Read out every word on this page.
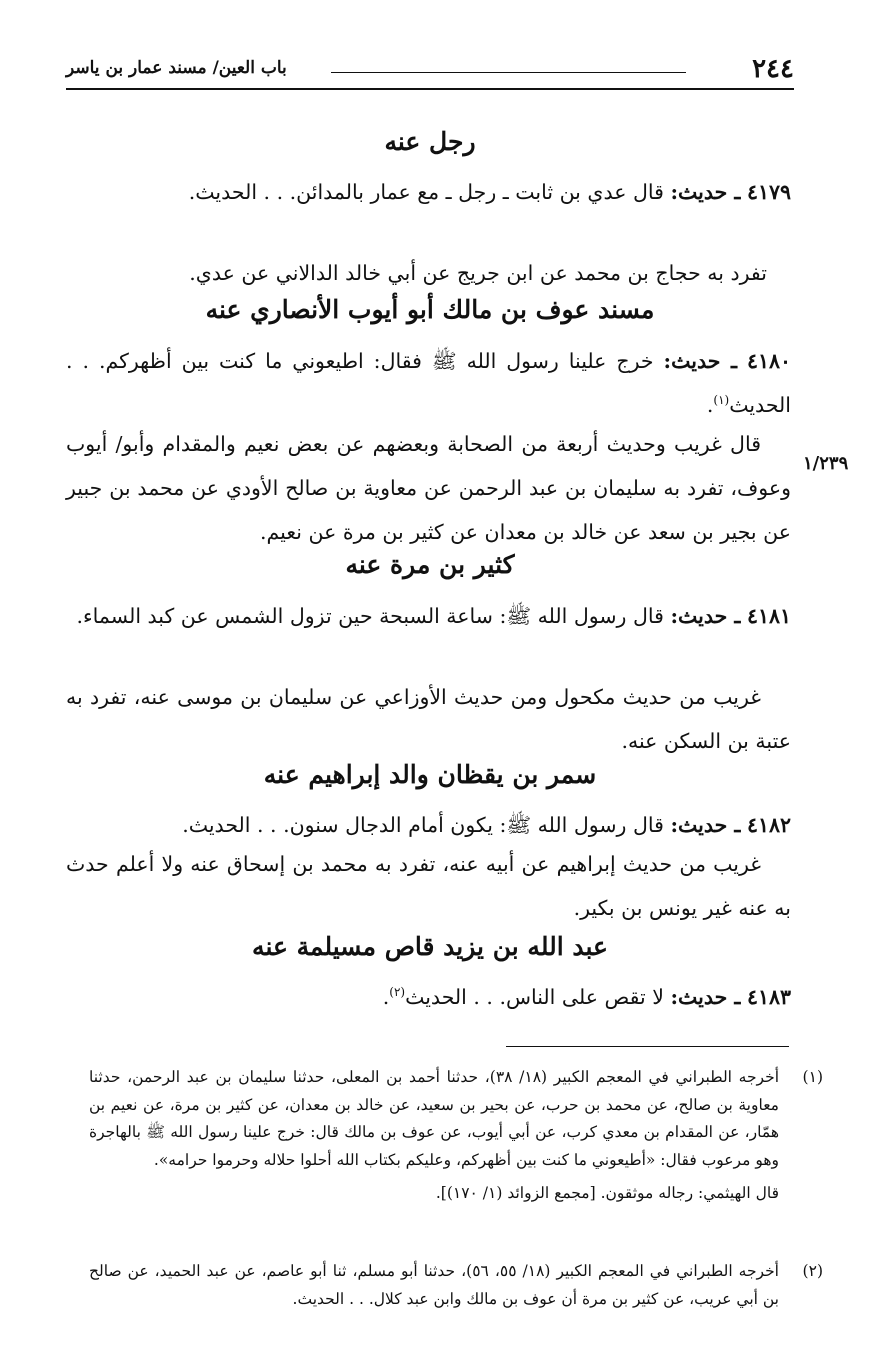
٢٤٤
باب العين/ مسند عمار بن ياسر
رجل عنه
٤١٧٩ ـ حديث: قال عدي بن ثابت ـ رجل ـ مع عمار بالمدائن. . . الحديث.
تفرد به حجاج بن محمد عن ابن جريج عن أبي خالد الدالاني عن عدي.
مسند عوف بن مالك أبو أيوب الأنصاري عنه
٤١٨٠ ـ حديث: خرج علينا رسول الله ﷺ فقال: اطيعوني ما كنت بين أظهركم. . . الحديث$^{(١)}$.
١/٢٣٩
قال غريب وحديث أربعة من الصحابة وبعضهم عن بعض نعيم والمقدام وأبو/ أيوب وعوف، تفرد به سليمان بن عبد الرحمن عن معاوية بن صالح الأودي عن محمد بن جبير عن بجير بن سعد عن خالد بن معدان عن كثير بن مرة عن نعيم.
كثير بن مرة عنه
٤١٨١ ـ حديث: قال رسول الله ﷺ: ساعة السبحة حين تزول الشمس عن كبد السماء.
غريب من حديث مكحول ومن حديث الأوزاعي عن سليمان بن موسى عنه، تفرد به عتبة بن السكن عنه.
سمر بن يقظان والد إبراهيم عنه
٤١٨٢ ـ حديث: قال رسول الله ﷺ: يكون أمام الدجال سنون. . . الحديث.
غريب من حديث إبراهيم عن أبيه عنه، تفرد به محمد بن إسحاق عنه ولا أعلم حدث به عنه غير يونس بن بكير.
عبد الله بن يزيد قاص مسيلمة عنه
٤١٨٣ ـ حديث: لا تقص على الناس. . . الحديث$^{(٢)}$.
(١)
أخرجه الطبراني في المعجم الكبير (١٨/ ٣٨)، حدثنا أحمد بن المعلى، حدثنا سليمان بن عبد الرحمن، حدثنا معاوية بن صالح، عن محمد بن حرب، عن بحير بن سعيد، عن خالد بن معدان، عن كثير بن مرة، عن نعيم بن همّار، عن المقدام بن معدي كرب، عن أبي أيوب، عن عوف بن مالك قال: خرج علينا رسول الله ﷺ بالهاجرة وهو مرعوب فقال: «أطيعوني ما كنت بين أظهركم، وعليكم بكتاب الله أحلوا حلاله وحرموا حرامه».
قال الهيثمي: رجاله موثقون. [مجمع الزوائد (١/ ١٧٠)].
(٢)
أخرجه الطبراني في المعجم الكبير (١٨/ ٥٥، ٥٦)، حدثنا أبو مسلم، ثنا أبو عاصم، عن عبد الحميد، عن صالح بن أبي عريب، عن كثير بن مرة أن عوف بن مالك وابن عبد كلال. . . الحديث.
